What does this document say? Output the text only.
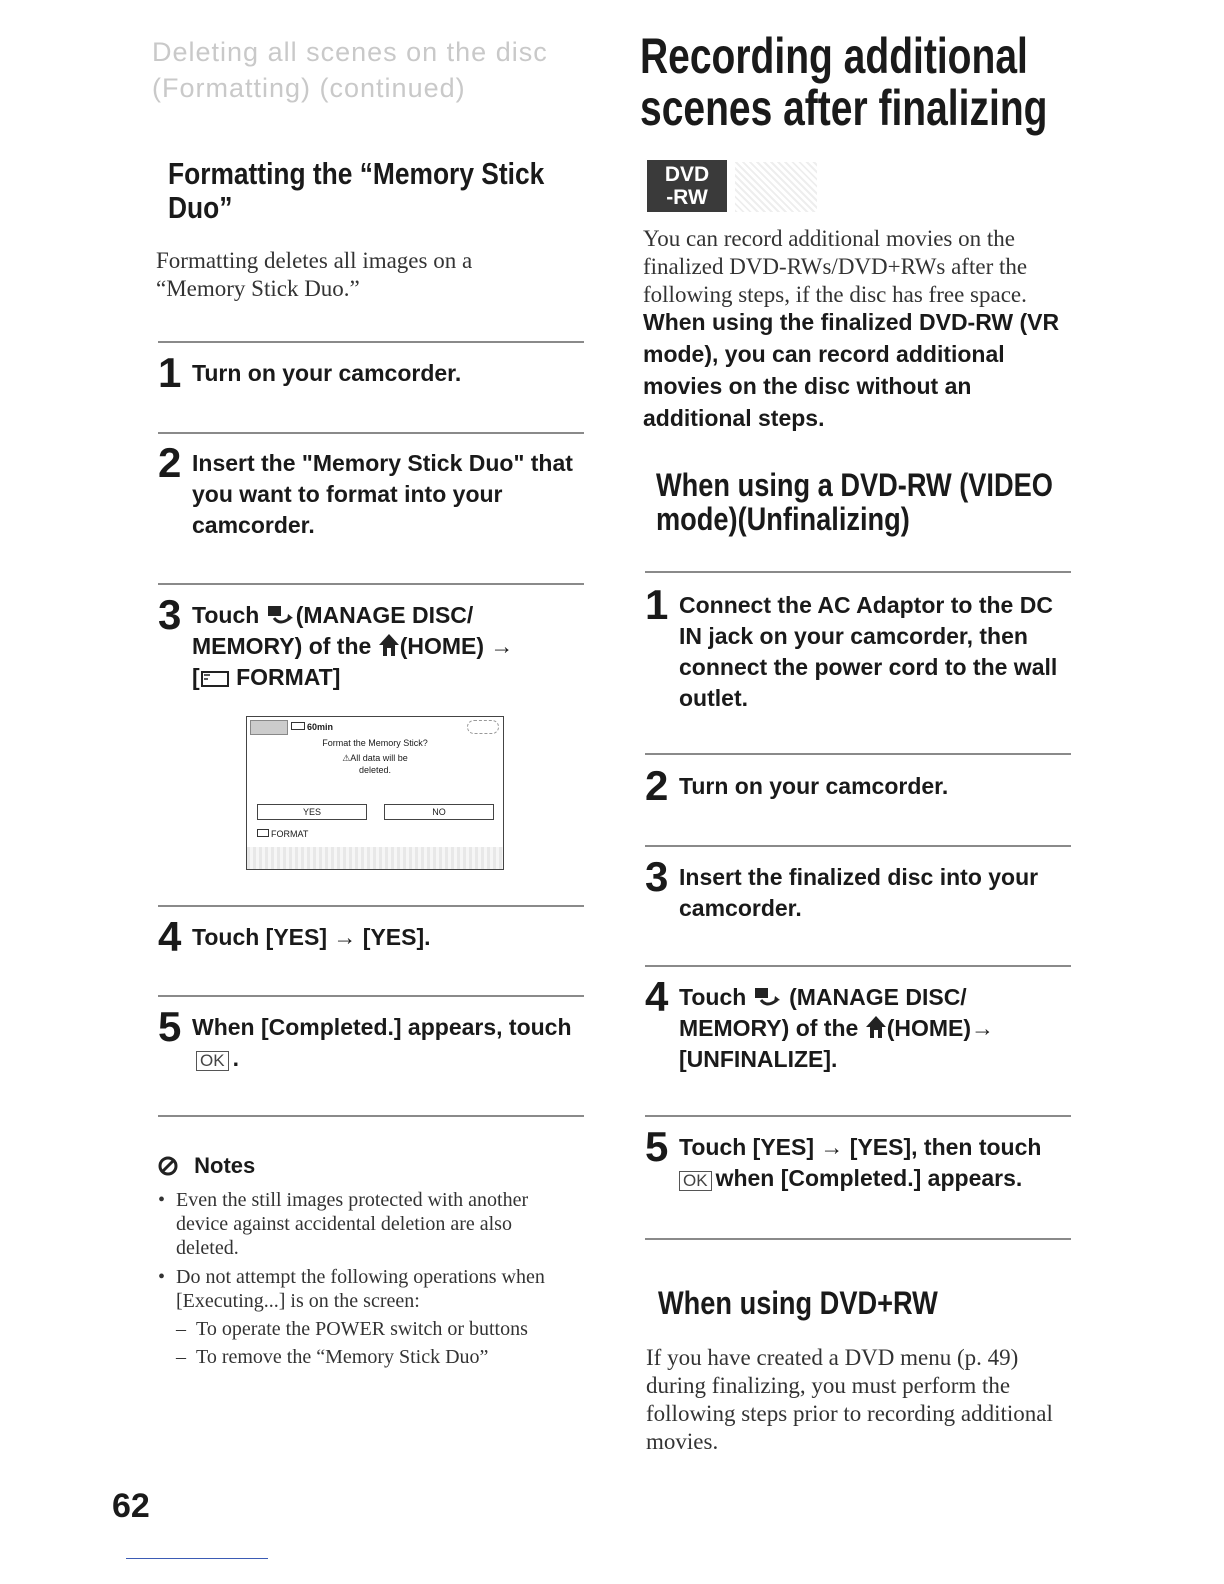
Deleting all scenes on the disc (Formatting) (continued)
Formatting the “Memory Stick Duo”
Formatting deletes all images on a “Memory Stick Duo.”
1 Turn on your camcorder.
2 Insert the "Memory Stick Duo" that you want to format into your camcorder.
3 Touch (MANAGE DISC/ MEMORY) of the (HOME) →
[ FORMAT]
60min
Format the Memory Stick?
⚠All data will be deleted.
YES	NO
FORMAT
4 Touch [YES] → [YES].
5 When [Completed.] appears, touchOK .
Notes
• Even the still images protected with another device against accidental deletion are also deleted.
• Do not attempt the following operations when [Executing...] is on the screen:
– To operate the POWER switch or buttons
– To remove the “Memory Stick Duo”
62
Recording additional
scenes after finalizing
DVD
-RW
You can record additional movies on the finalized DVD-RWs/DVD+RWs after the following steps, if the disc has free space.
When using the finalized DVD-RW (VR mode), you can record additional movies on the disc without an additional steps.
When using a DVD-RW (VIDEO mode)(Unfinalizing)
1 Connect the AC Adaptor to the DC IN jack on your camcorder, then connect the power cord to the wall outlet.
2 Turn on your camcorder.
3 Insert the finalized disc into your camcorder.
4 Touch (MANAGE DISC/ MEMORY) of the (HOME)→ [UNFINALIZE].
5 Touch [YES] → [YES], then touch
OK when [Completed.] appears.
When using DVD+RW
If you have created a DVD menu (p. 49) during finalizing, you must perform the following steps prior to recording additional movies.
